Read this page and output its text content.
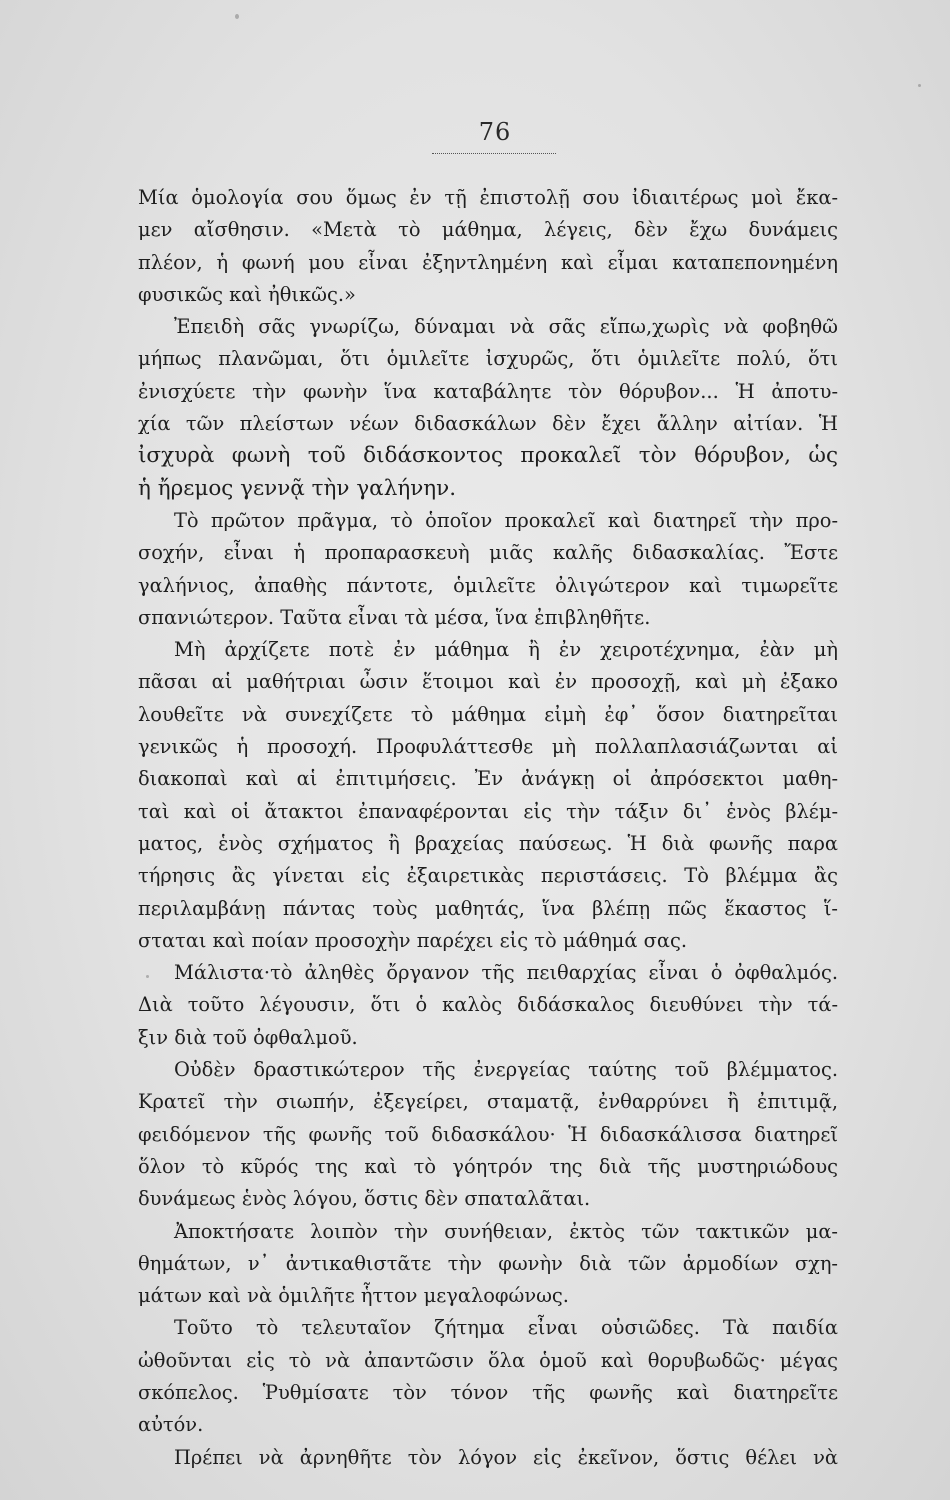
76
Μία ὁμολογία σου ὅμως ἐν τῇ ἐπιστολῇ σου ἰδιαιτέρως μοὶ ἔκα-
μεν αἴσθησιν. «Μετὰ τὸ μάθημα, λέγεις, δὲν ἔχω δυνάμεις
πλέον, ἡ φωνή μου εἶναι ἐξηντλημένη καὶ εἶμαι καταπεπονημένη
φυσικῶς καὶ ἠθικῶς.»
Ἐπειδὴ σᾶς γνωρίζω, δύναμαι νὰ σᾶς εἴπω,χωρὶς νὰ φοβηθῶ
μήπως πλανῶμαι, ὅτι ὁμιλεῖτε ἰσχυρῶς, ὅτι ὁμιλεῖτε πολύ, ὅτι
ἐνισχύετε τὴν φωνὴν ἵνα καταβάλητε τὸν θόρυβον... Ἡ ἀποτυ-
χία τῶν πλείστων νέων διδασκάλων δὲν ἔχει ἄλλην αἰτίαν. Ἡ
ἰσχυρὰ φωνὴ τοῦ διδάσκοντος προκαλεῖ τὸν θόρυβον, ὡς
ἡ ἤρεμος γεννᾷ τὴν γαλήνην.
Τὸ πρῶτον πρᾶγμα, τὸ ὁποῖον προκαλεῖ καὶ διατηρεῖ τὴν προ-
σοχήν, εἶναι ἡ προπαρασκευὴ μιᾶς καλῆς διδασκαλίας. Ἔστε
γαλήνιος, ἀπαθὴς πάντοτε, ὁμιλεῖτε ὀλιγώτερον καὶ τιμωρεῖτε
σπανιώτερον. Ταῦτα εἶναι τὰ μέσα, ἵνα ἐπιβληθῆτε.
Μὴ ἀρχίζετε ποτὲ ἐν μάθημα ἢ ἐν χειροτέχνημα, ἐὰν μὴ
πᾶσαι αἱ μαθήτριαι ὦσιν ἕτοιμοι καὶ ἐν προσοχῇ, καὶ μὴ ἐξακο
λουθεῖτε νὰ συνεχίζετε τὸ μάθημα εἰμὴ ἐφ᾽ ὅσον διατηρεῖται
γενικῶς ἡ προσοχή. Προφυλάττεσθε μὴ πολλαπλασιάζωνται αἱ
διακοπαὶ καὶ αἱ ἐπιτιμήσεις. Ἐν ἀνάγκῃ οἱ ἀπρόσεκτοι μαθη-
ταὶ καὶ οἱ ἄτακτοι ἐπαναφέρονται εἰς τὴν τάξιν δι᾽ ἑνὸς βλέμ-
ματος, ἑνὸς σχήματος ἢ βραχείας παύσεως. Ἡ διὰ φωνῆς παρα
τήρησις ἂς γίνεται εἰς ἐξαιρετικὰς περιστάσεις. Τὸ βλέμμα ἂς
περιλαμβάνῃ πάντας τοὺς μαθητάς, ἵνα βλέπῃ πῶς ἕκαστος ἵ-
σταται καὶ ποίαν προσοχὴν παρέχει εἰς τὸ μάθημά σας.
Μάλιστα·τὸ ἀληθὲς ὄργανον τῆς πειθαρχίας εἶναι ὁ ὀφθαλμός.
Διὰ τοῦτο λέγουσιν, ὅτι ὁ καλὸς διδάσκαλος διευθύνει τὴν τά-
ξιν διὰ τοῦ ὀφθαλμοῦ.
Οὐδὲν δραστικώτερον τῆς ἐνεργείας ταύτης τοῦ βλέμματος.
Κρατεῖ τὴν σιωπήν, ἐξεγείρει, σταματᾷ, ἐνθαρρύνει ἢ ἐπιτιμᾷ,
φειδόμενον τῆς φωνῆς τοῦ διδασκάλου· Ἡ διδασκάλισσα διατηρεῖ
ὅλον τὸ κῦρός της καὶ τὸ γόητρόν της διὰ τῆς μυστηριώδους
δυνάμεως ἑνὸς λόγου, ὅστις δὲν σπαταλᾶται.
Ἀποκτήσατε λοιπὸν τὴν συνήθειαν, ἐκτὸς τῶν τακτικῶν μα-
θημάτων, ν᾽ ἀντικαθιστᾶτε τὴν φωνὴν διὰ τῶν ἁρμοδίων σχη-
μάτων καὶ νὰ ὁμιλῆτε ἧττον μεγαλοφώνως.
Τοῦτο τὸ τελευταῖον ζήτημα εἶναι οὐσιῶδες. Τὰ παιδία
ὠθοῦνται εἰς τὸ νὰ ἀπαντῶσιν ὅλα ὁμοῦ καὶ θορυβωδῶς· μέγας
σκόπελος. Ῥυθμίσατε τὸν τόνον τῆς φωνῆς καὶ διατηρεῖτε
αὐτόν.
Πρέπει νὰ ἀρνηθῆτε τὸν λόγον εἰς ἐκεῖνον, ὅστις θέλει νὰ
